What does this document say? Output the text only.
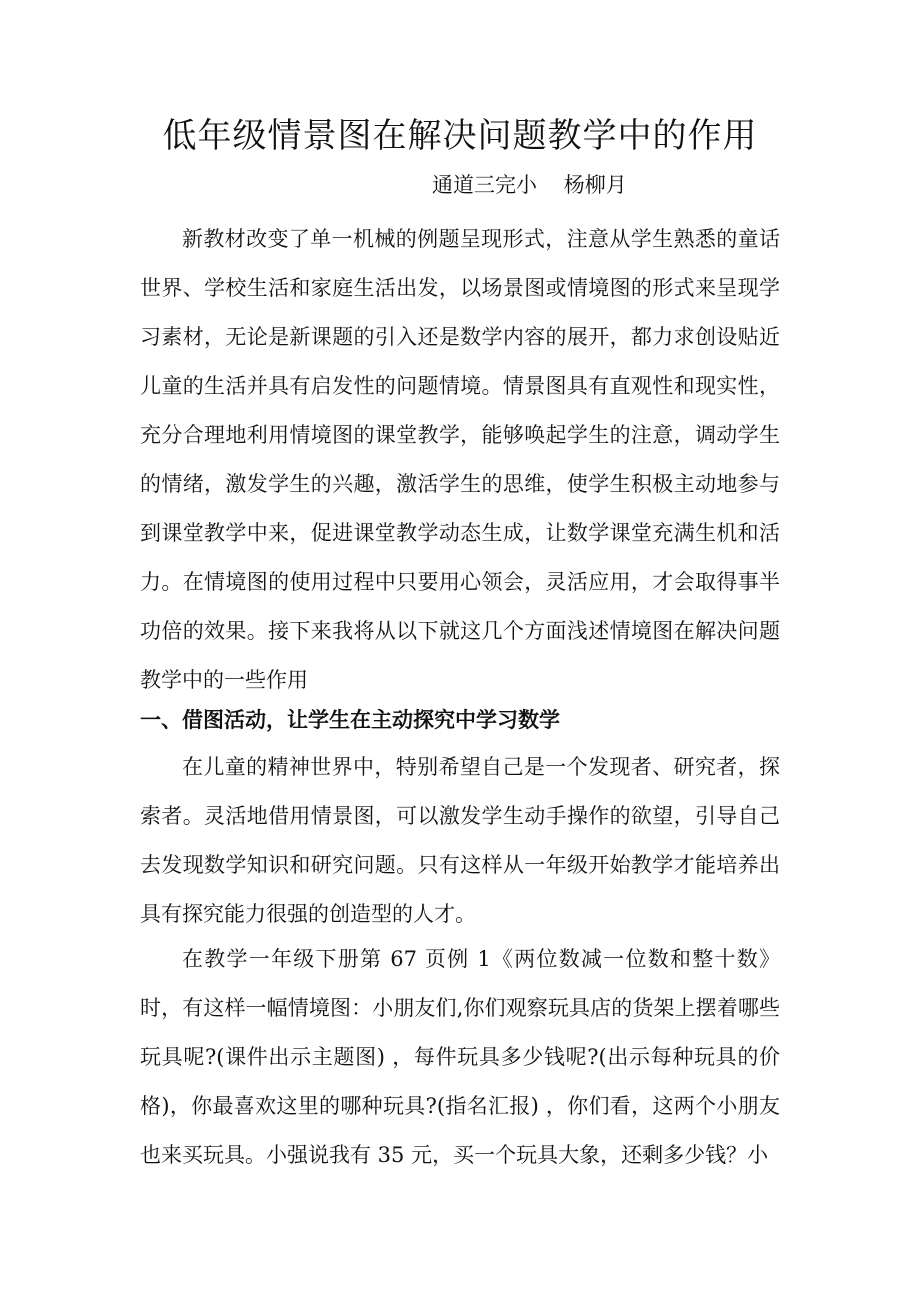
低年级情景图在解决问题教学中的作用
通道三完小    杨柳月

新教材改变了单一机械的例题呈现形式，注意从学生熟悉的童话世界、学校生活和家庭生活出发，以场景图或情境图的形式来呈现学习素材，无论是新课题的引入还是数学内容的展开，都力求创设贴近儿童的生活并具有启发性的问题情境。情景图具有直观性和现实性，充分合理地利用情境图的课堂教学，能够唤起学生的注意，调动学生的情绪，激发学生的兴趣，激活学生的思维，使学生积极主动地参与到课堂教学中来，促进课堂教学动态生成，让数学课堂充满生机和活力。在情境图的使用过程中只要用心领会，灵活应用，才会取得事半功倍的效果。接下来我将从以下就这几个方面浅述情境图在解决问题教学中的一些作用

一、借图活动，让学生在主动探究中学习数学

在儿童的精神世界中，特别希望自己是一个发现者、研究者，探索者。灵活地借用情景图，可以激发学生动手操作的欲望，引导自己去发现数学知识和研究问题。只有这样从一年级开始教学才能培养出具有探究能力很强的创造型的人才。

在教学一年级下册第 67 页例 1《两位数减一位数和整十数》时，有这样一幅情境图：小朋友们,你们观察玩具店的货架上摆着哪些玩具呢?(课件出示主题图) ，每件玩具多少钱呢?(出示每种玩具的价格)，你最喜欢这里的哪种玩具?(指名汇报) ，你们看，这两个小朋友也来买玩具。小强说我有 35 元，买一个玩具大象，还剩多少钱？小
